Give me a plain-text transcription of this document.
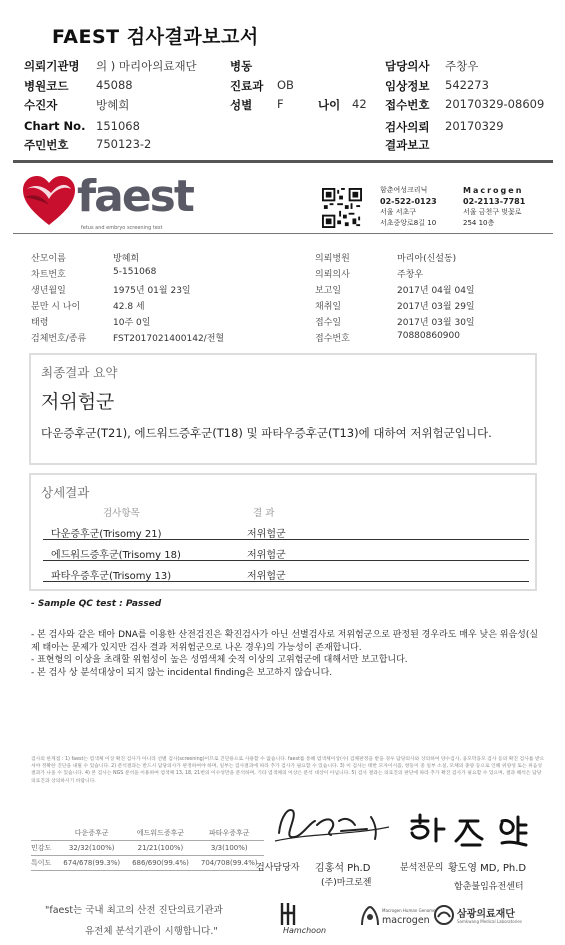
FAEST 검사결과보고서
의뢰기관명 의 ) 마리아의료재단	병동	담당의사 주창우
병원코드 45088	진료과 OB	임상정보 542273
수진자	방혜희	성별 F	나이 42 접수번호 20170329-08609
Chart No. 151068	검사의뢰 20170329
주민번호 750123-2	결과보고
faest
fetus and embryo screening test
함춘여성크리닉
02-522-0123
서울 서초구
서초중앙로8길 10
Macrogen
02-2113-7781
서울 금천구 벚꽃로
254 10층
산모이름	방혜희
차트번호	5-151068
생년월일	1975년 01월 23일
분만 시 나이	42.8 세
태령	10주 0일
검체번호/종류	FST2017021400142/전혈
의뢰병원	마리아(신설동)
의뢰의사	주창우
보고일	2017년 04월 04일
채취일	2017년 03월 29일
접수일	2017년 03월 30일
접수번호	70880860900
최종결과 요약
저위험군
다운증후군(T21), 에드워드증후군(T18) 및 파타우증후군(T13)에 대하여 저위험군입니다.
상세결과
검사항목	결 과
다운증후군(Trisomy 21)	저위험군
에드워드증후군(Trisomy 18)	저위험군
파타우증후군(Trisomy 13)	저위험군
- Sample QC test : Passed
- 본 검사와 같은 태아 DNA를 이용한 산전검진은 확진검사가 아닌 선별검사로 저위험군으로 판정된 경우라도 매우 낮은 위음성(실
제 태아는 문제가 있지만 검사 결과 저위험군으로 나온 경우)의 가능성이 존재합니다.
- 표현형의 이상을 초래할 위험성이 높은 성염색체 숫적 이상의 고위험군에 대해서만 보고합니다.
- 본 검사 상 분석대상이 되지 않는 incidental finding은 보고하지 않습니다.
검사의 한계점 : 1) faest는 염색체 이상 확진 검사가 아니라 선별 검사(screening)이므로 진단용으로 사용할 수 없습니다. faest를 통해 염색체이상(수) 검체판정을 받을 경우 담당의사와 상의하여 양수검사, 융모막융모 검사 등의 확진 검사를 받으셔야 정확한 진단을 내릴 수 있습니다. 2) 분석결과는 반드시 담당의사가 판정하여야 하며, 일부는 검사결과에 따라 추가 검사가 필요할 수 있습니다. 3) 이 검사는 태반 모자이시즘, 쌍둥이 중 일부 소실, 모체의 종양 등으로 인해 위양성 또는 위음성 결과가 나올 수 있습니다. 4) 본 검사는 NGS 분석을 이용하여 염색체 13, 18, 21번의 이수성만을 분석하며, 기타 염색체의 이상은 분석 대상이 아닙니다. 5) 검사 결과는 의료진의 판단에 따라 추가 확진 검사가 필요할 수 있으며, 결과 해석은 담당 의료진과 상의하시기 바랍니다.
	다운증후군	에드워드증후군	파타우증후군
민감도	32/32(100%)	21/21(100%)	3/3(100%)
특이도	674/678(99.3%)	686/690(99.4%)	704/708(99.4%)
검사담당자 김홍석 Ph.D
(주)마크로젠
분석전문의 황도영 MD, Ph.D
함춘불임유전센터
"faest는 국내 최고의 산전 진단의료기관과
유전체 분석기관이 시행합니다."	Hamchoon
Macrogen Human Genome
macrogen
삼광의료재단
Samkwang Medical Laboratories
